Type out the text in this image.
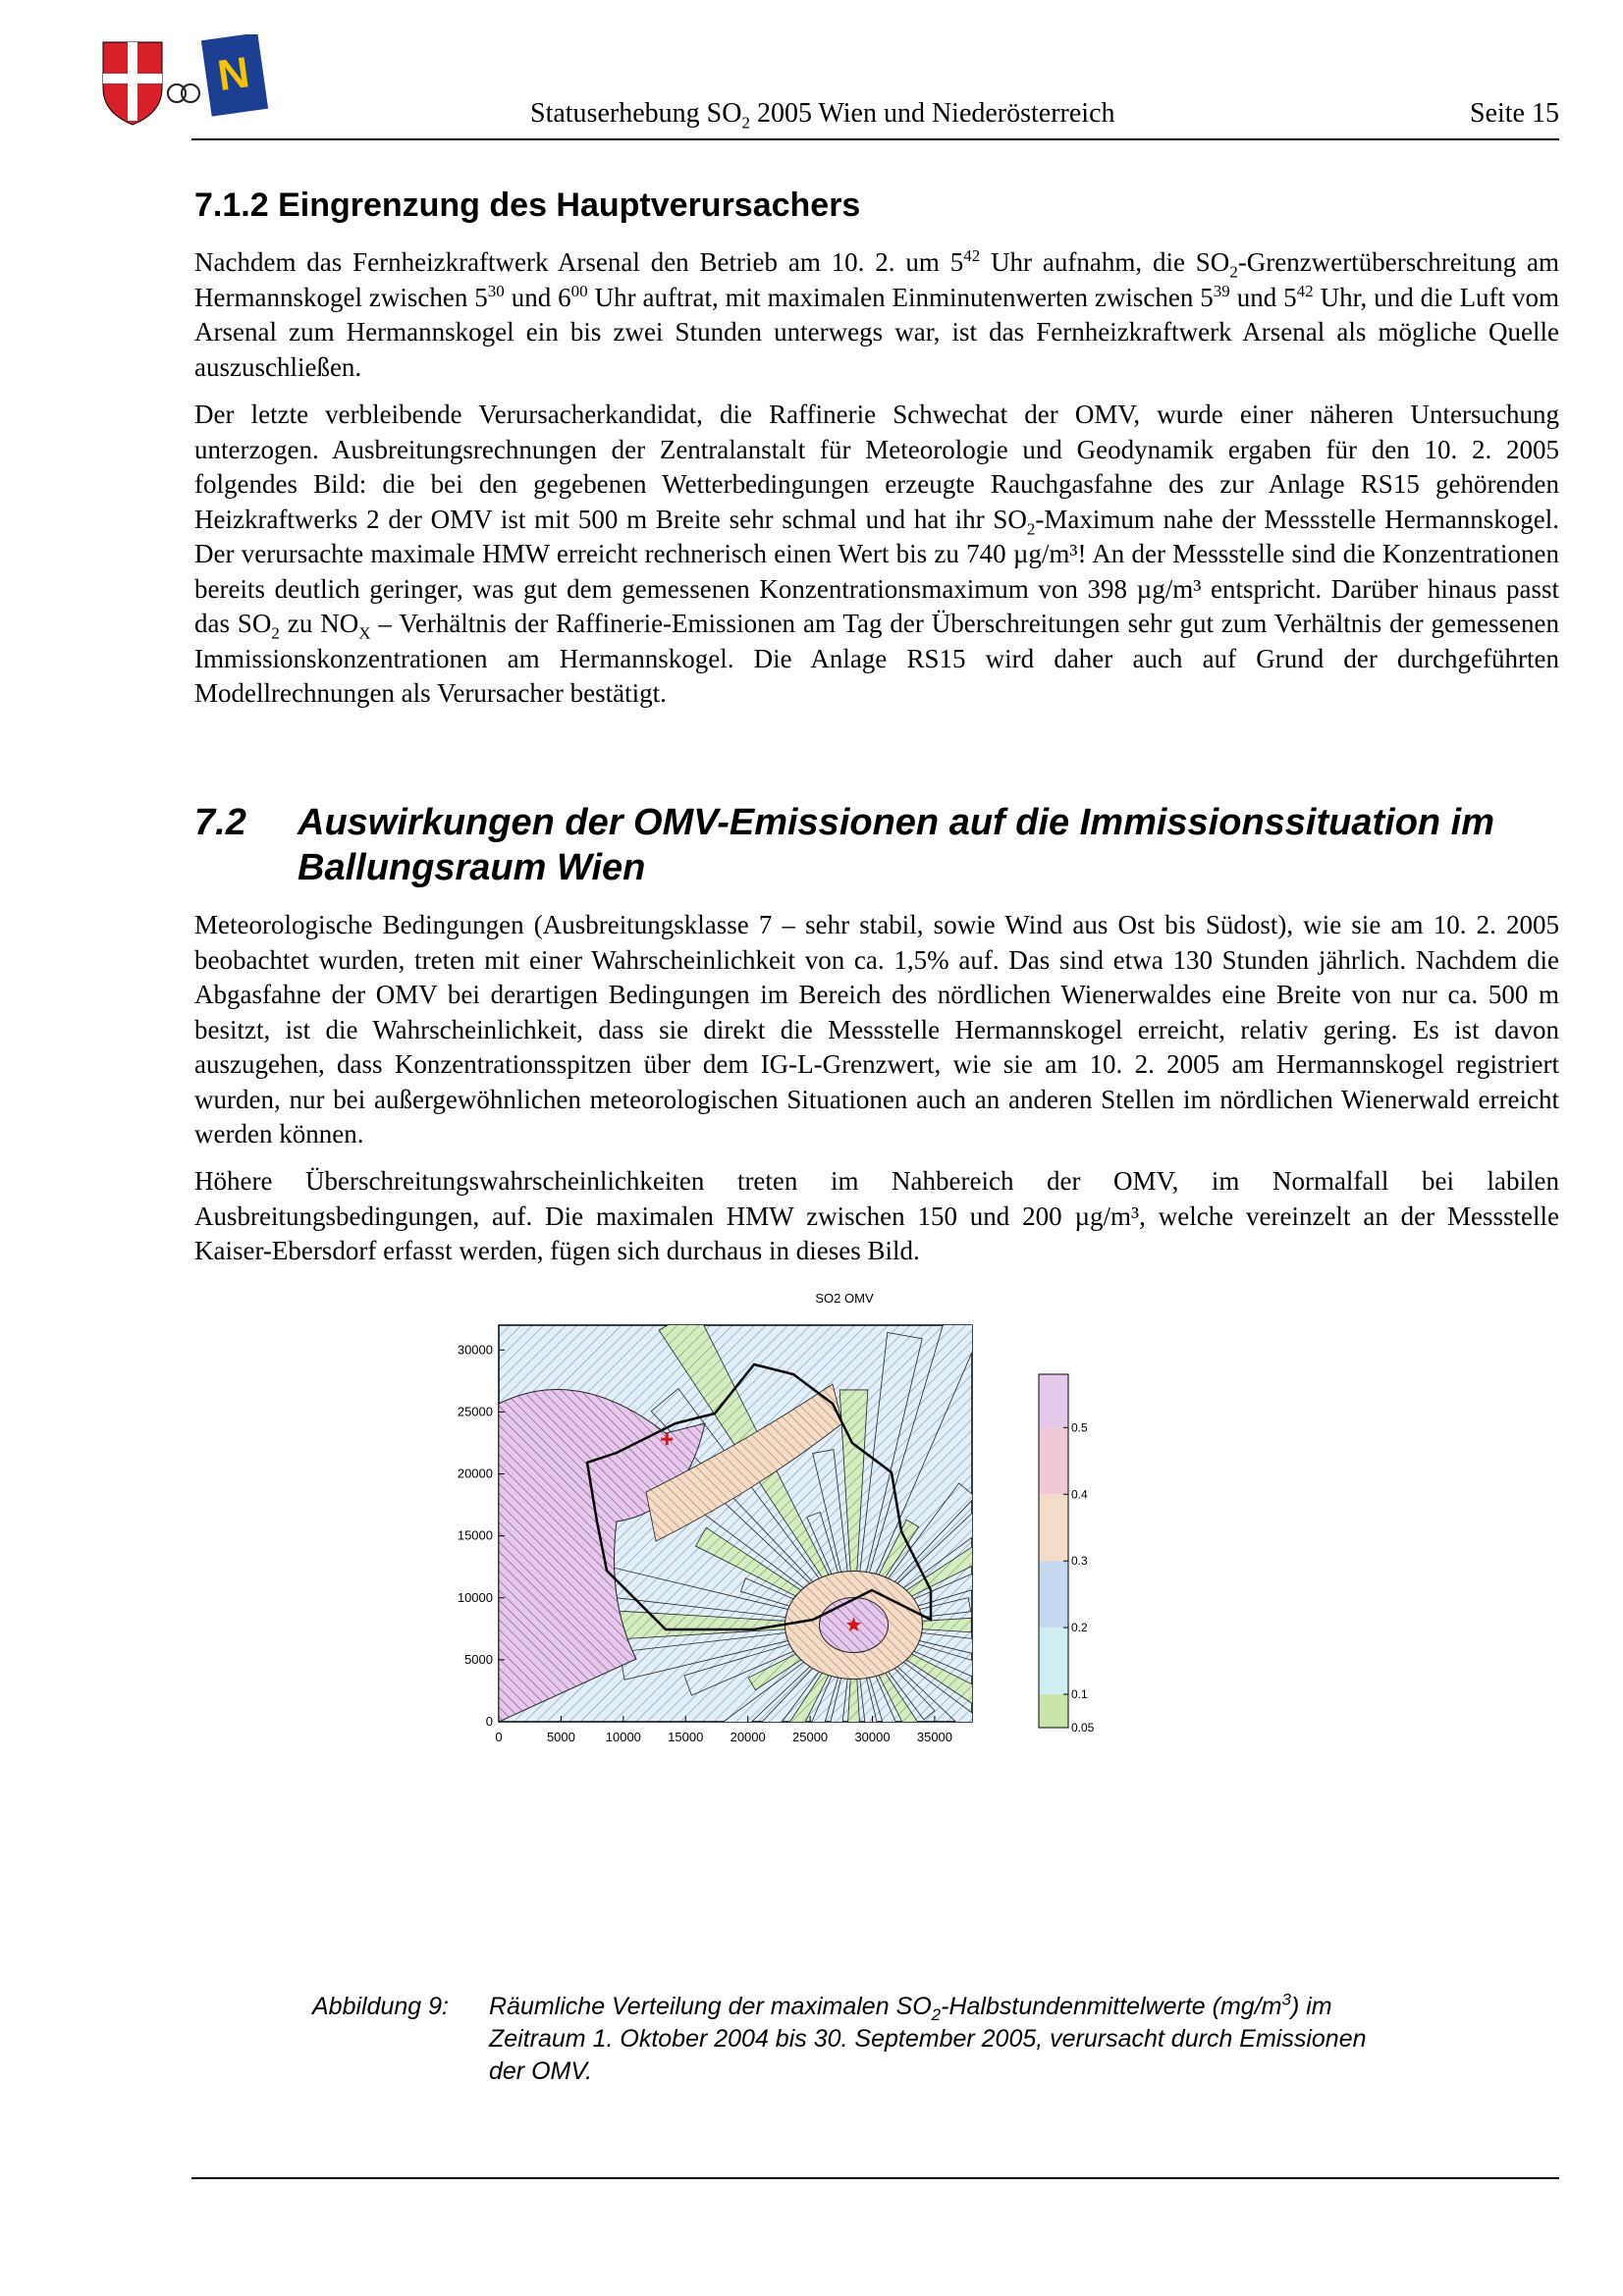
N
Statuserhebung $SO_2$ 2005 Wien und Niederösterreich	Seite 15
7.1.2 Eingrenzung des Hauptverursachers

Nachdem das Fernheizkraftwerk Arsenal den Betrieb am 10. 2. um $5^{42}$ Uhr aufnahm, die $SO_2$-Grenzwertüberschreitung am Hermannskogel zwischen $5^{30}$ und $6^{00}$ Uhr auftrat, mit maximalen Einminutenwerten zwischen $5^{39}$ und $5^{42}$ Uhr, und die Luft vom Arsenal zum Hermannskogel ein bis zwei Stunden unterwegs war, ist das Fernheizkraftwerk Arsenal als mögliche Quelle auszuschließen.

Der letzte verbleibende Verursacherkandidat, die Raffinerie Schwechat der OMV, wurde einer näheren Untersuchung unterzogen. Ausbreitungsrechnungen der Zentralanstalt für Meteorologie und Geodynamik ergaben für den 10. 2. 2005 folgendes Bild: die bei den gegebenen Wetterbedingungen erzeugte Rauchgasfahne des zur Anlage RS15 gehörenden Heizkraftwerks 2 der OMV ist mit 500 m Breite sehr schmal und hat ihr $SO_2$-Maximum nahe der Messstelle Hermannskogel. Der verursachte maximale HMW erreicht rechnerisch einen Wert bis zu 740 µg/m³! An der Messstelle sind die Konzentrationen bereits deutlich geringer, was gut dem gemessenen Konzentrationsmaximum von 398 µg/m³ entspricht. Darüber hinaus passt das $SO_2$ zu $NO_X$ – Verhältnis der Raffinerie-Emissionen am Tag der Überschreitungen sehr gut zum Verhältnis der gemessenen Immissionskonzentrationen am Hermannskogel. Die Anlage RS15 wird daher auch auf Grund der durchgeführten Modellrechnungen als Verursacher bestätigt.

7.2 Auswirkungen der OMV-Emissionen auf die Immissionssituation im
Ballungsraum Wien

Meteorologische Bedingungen (Ausbreitungsklasse 7 – sehr stabil, sowie Wind aus Ost bis Südost), wie sie am 10. 2. 2005 beobachtet wurden, treten mit einer Wahrscheinlichkeit von ca. 1,5% auf. Das sind etwa 130 Stunden jährlich. Nachdem die Abgasfahne der OMV bei derartigen Bedingungen im Bereich des nördlichen Wienerwaldes eine Breite von nur ca. 500 m besitzt, ist die Wahrscheinlichkeit, dass sie direkt die Messstelle Hermannskogel erreicht, relativ gering. Es ist davon auszugehen, dass Konzentrationsspitzen über dem IG-L-Grenzwert, wie sie am 10. 2. 2005 am Hermannskogel registriert wurden, nur bei außergewöhnlichen meteorologischen Situationen auch an anderen Stellen im nördlichen Wienerwald erreicht werden können.

Höhere Überschreitungswahrscheinlichkeiten treten im Nahbereich der OMV, im Normalfall bei labilen Ausbreitungsbedingungen, auf. Die maximalen HMW zwischen 150 und 200 µg/m³, welche vereinzelt an der Messstelle Kaiser-Ebersdorf erfasst werden, fügen sich durchaus in dieses Bild.

SO2 OMV
0	5000 10000 15000 20000 25000 30000 35000
0
5000
10000
15000
20000
25000
30000
0.05
0.1
0.2
0.3
0.4
0.5
Abbildung 9: Räumliche Verteilung der maximalen $SO_2$-Halbstundenmittelwerte $(mg/m^3)$ im Zeitraum 1. Oktober 2004 bis 30. September 2005, verursacht durch Emissionen der OMV.
